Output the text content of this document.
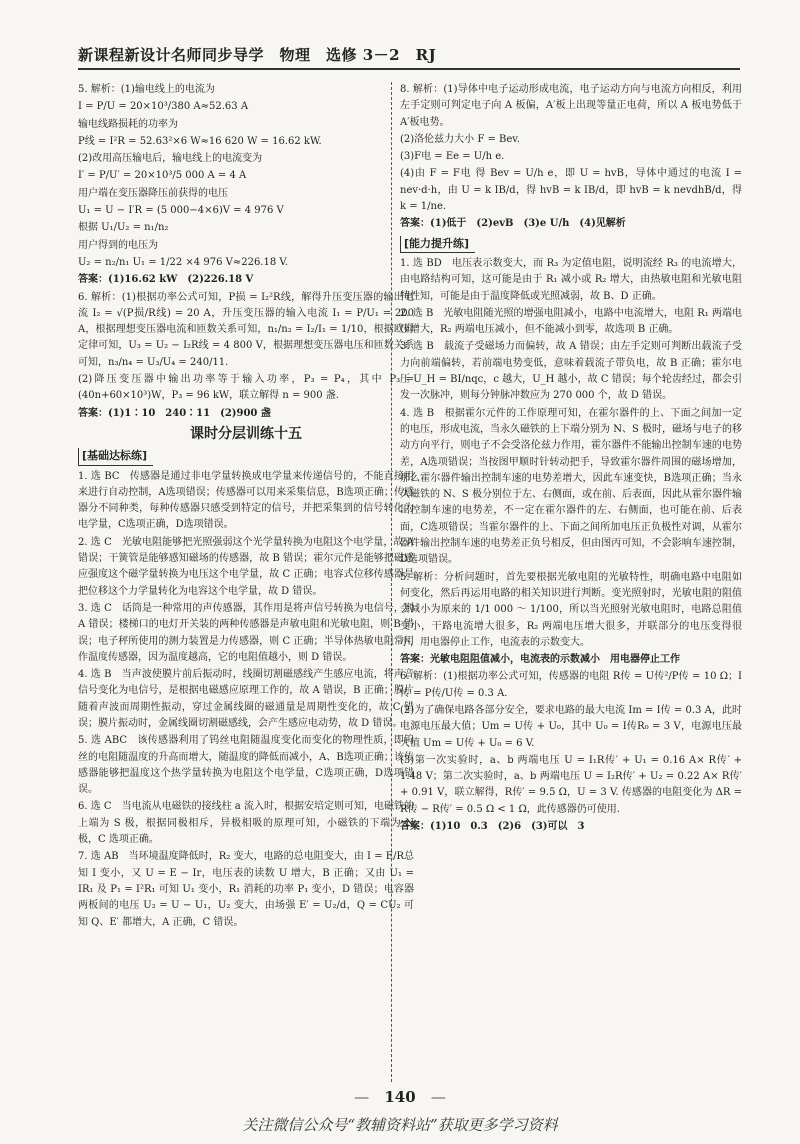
新课程新设计名师同步导学　物理　选修 3－2　RJ
5. 解析：(1)输电线上的电流为
I = P/U = 20×10³/380 A≈52.63 A
输电线路损耗的功率为
P线 = I²R = 52.63²×6 W≈16 620 W = 16.62 kW.
(2)改用高压输电后，输电线上的电流变为
I′ = P/U′ = 20×10³/5 000 A = 4 A
用户端在变压器降压前获得的电压
U₁ = U − I′R = (5 000−4×6)V = 4 976 V
根据 U₁/U₂ = n₁/n₂
用户得到的电压为
U₂ = n₂/n₁ U₁ = 1/22 ×4 976 V≈226.18 V.
答案：(1)16.62 kW　(2)226.18 V
6. 解析：(1)根据功率公式可知，P损 = I₂²R线，解得升压变压器的输出电流 I₂ = √(P损/R线) = 20 A，升压变压器的输入电流 I₁ = P/U₁ = 200 A，根据理想变压器电流和匝数关系可知，n₁/n₂ = I₂/I₁ = 1/10，根据欧姆定律可知，U₃ = U₂ − I₂R线 = 4 800 V，根据理想变压器电压和匝数关系可知，n₃/n₄ = U₃/U₄ = 240/11.
(2)降压变压器中输出功率等于输入功率，P₃ = P₄，其中 P₃ = (40n+60×10³)W，P₃ = 96 kW，联立解得 n = 900 盏.
答案：(1)1∶10　240∶11　(2)900 盏
课时分层训练十五
[基础达标练]
1. 选 BC　传感器是通过非电学量转换成电学量来传递信号的，不能直接用来进行自动控制，A选项错误；传感器可以用来采集信息，B选项正确；传感器分不同种类，每种传感器只感受到特定的信号，并把采集到的信号转化为电学量，C选项正确，D选项错误。
2. 选 C　光敏电阻能够把光照强弱这个光学量转换为电阻这个电学量，故 A 错误；干簧管是能够感知磁场的传感器，故 B 错误；霍尔元件是能够把磁感应强度这个磁学量转换为电压这个电学量，故 C 正确；电容式位移传感器是把位移这个力学量转化为电容这个电学量，故 D 错误。
3. 选 C　话筒是一种常用的声传感器，其作用是将声信号转换为电信号，则 A 错误；楼梯口的电灯开关装的两种传感器是声敏电阻和光敏电阻，则 B 错误；电子秤所使用的测力装置是力传感器，则 C 正确；半导体热敏电阻常用作温度传感器，因为温度越高，它的电阻值越小，则 D 错误。
4. 选 B　当声波使膜片前后振动时，线圈切割磁感线产生感应电流，将声音信号变化为电信号，是根据电磁感应原理工作的，故 A 错误，B 正确；膜片随着声波而周期性振动，穿过金属线圈的磁通量是周期性变化的，故 C 错误；膜片振动时，金属线圈切割磁感线，会产生感应电动势，故 D 错误。
5. 选 ABC　该传感器利用了钨丝电阻随温度变化而变化的物理性质，即钨丝的电阻随温度的升高而增大，随温度的降低而减小，A、B选项正确；该传感器能够把温度这个热学量转换为电阻这个电学量，C选项正确，D选项错误。
6. 选 C　当电流从电磁铁的接线柱 a 流入时，根据安培定则可知，电磁铁的上端为 S 极，根据同极相斥，异极相吸的原理可知，小磁铁的下端为 N 极，C 选项正确。
7. 选 AB　当环境温度降低时，R₂ 变大，电路的总电阻变大，由 I = E/R总 知 I 变小，又 U = E − Ir，电压表的读数 U 增大，B 正确；又由 U₁ = IR₁ 及 P₁ = I²R₁ 可知 U₁ 变小，R₁ 消耗的功率 P₁ 变小，D 错误；电容器两板间的电压 U₂ = U − U₁，U₂ 变大，由场强 E′ = U₂/d，Q = CU₂ 可知 Q、E′ 都增大，A 正确，C 错误。
8. 解析：(1)导体中电子运动形成电流，电子运动方向与电流方向相反，利用左手定则可判定电子向 A 板偏，A′板上出现等量正电荷，所以 A 板电势低于 A′板电势。
(2)洛伦兹力大小 F = Bev.
(3)F电 = Ee = U/h e.
(4)由 F = F电 得 Bev = U/h e，即 U = hvB，导体中通过的电流 I = nev·d·h，由 U = k IB/d，得 hvB = k IB/d，即 hvB = k nevdhB/d，得 k = 1/ne.
答案：(1)低于　(2)evB　(3)e U/h　(4)见解析
[能力提升练]
1. 选 BD　电压表示数变大，而 R₃ 为定值电阻，说明流经 R₃ 的电流增大，由电路结构可知，这可能是由于 R₁ 减小或 R₂ 增大，由热敏电阻和光敏电阻特性知，可能是由于温度降低或光照减弱，故 B、D 正确。
2. 选 B　光敏电阻随光照的增强电阻减小，电路中电流增大，电阻 R₁ 两端电压增大，R₂ 两端电压减小，但不能减小到零，故选项 B 正确。
3. 选 B　载流子受磁场力而偏转，故 A 错误；由左手定则可判断出载流子受力向前端偏转，若前端电势变低，意味着载流子带负电，故 B 正确；霍尔电压 U_H = BI/nqc，c 越大，U_H 越小，故 C 错误；每个轮齿经过，都会引发一次脉冲，则每分钟脉冲数应为 270 000 个，故 D 错误。
4. 选 B　根据霍尔元件的工作原理可知，在霍尔器件的上、下面之间加一定的电压，形成电流，当永久磁铁的上下端分别为 N、S 极时，磁场与电子的移动方向平行，则电子不会受洛伦兹力作用，霍尔器件不能输出控制车速的电势差，A选项错误；当按图甲顺时针转动把手，导致霍尔器件周围的磁场增加，那么霍尔器件输出控制车速的电势差增大，因此车速变快，B选项正确；当永久磁铁的 N、S 极分别位于左、右侧面，或在前、后表面，因此从霍尔器件输出控制车速的电势差，不一定在霍尔器件的左、右侧面，也可能在前、后表面，C选项错误；当霍尔器件的上、下面之间所加电压正负极性对调，从霍尔器件输出控制车速的电势差正负号相反，但由图丙可知，不会影响车速控制，D选项错误。
5. 解析：分析问题时，首先要根据光敏电阻的光敏特性，明确电路中电阻如何变化，然后再运用电路的相关知识进行判断。变光照射时，光敏电阻的阻值会减小为原来的 1/1 000 ～ 1/100，所以当光照射光敏电阻时，电路总阻值变小，干路电流增大很多，R₂ 两端电压增大很多，并联部分的电压变得很小，用电器停止工作，电流表的示数变大。
答案：光敏电阻阻值减小，电流表的示数减小　用电器停止工作
6. 解析：(1)根据功率公式可知，传感器的电阻 R传 = U传²/P传 = 10 Ω；I传 = P传/U传 = 0.3 A.
(2)为了确保电路各部分安全，要求电路的最大电流 Im = I传 = 0.3 A，此时电源电压最大值；Um = U传 + U₀，其中 U₀ = I传R₀ = 3 V，电源电压最大值 Um = U传 + U₀ = 6 V.
(3)第一次实验时，a、b 两端电压 U = I₁R传′ + U₁ = 0.16 A× R传′ + 1.48 V；第二次实验时，a、b 两端电压 U = I₂R传′ + U₂ = 0.22 A× R传′ + 0.91 V，联立解得，R传′ = 9.5 Ω，U = 3 V. 传感器的电阻变化为 ΔR = R传 − R传′ = 0.5 Ω < 1 Ω，此传感器仍可使用.
答案：(1)10　0.3　(2)6　(3)可以　3
— 140 —
关注微信公众号“教辅资料站”获取更多学习资料
